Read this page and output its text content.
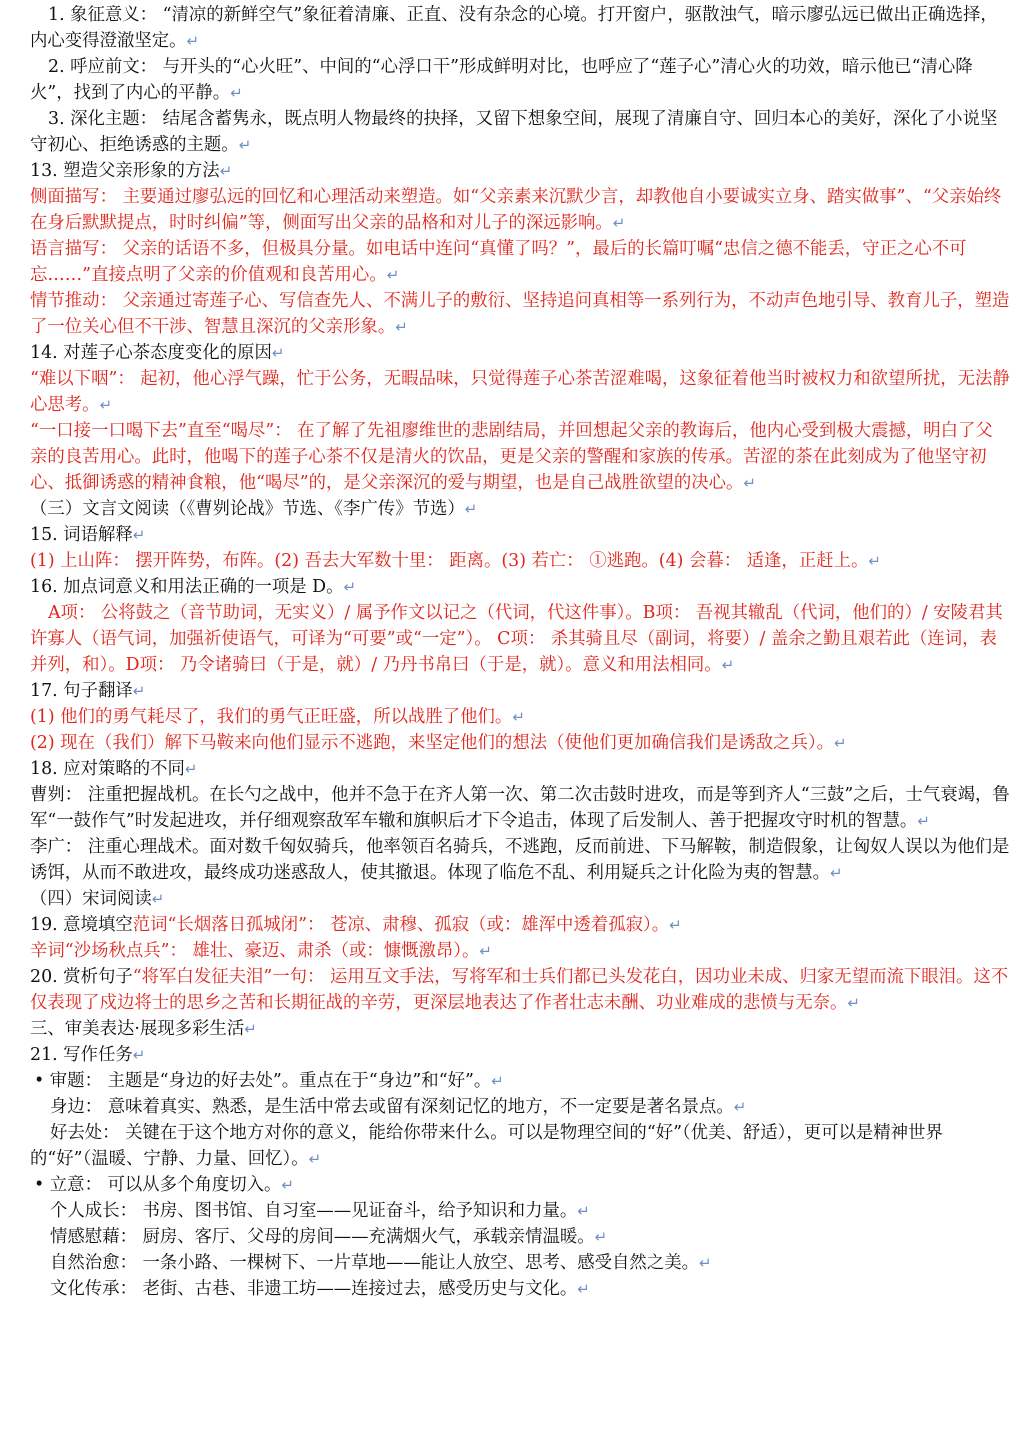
1. 象征意义： “清凉的新鲜空气”象征着清廉、正直、没有杂念的心境。打开窗户，驱散浊气，暗示廖弘远已做出正确选择，内心变得澄澈坚定。↵

2. 呼应前文： 与开头的“心火旺”、中间的“心浮口干”形成鲜明对比，也呼应了“莲子心”清心火的功效，暗示他已“清心降火”，找到了内心的平静。↵

3. 深化主题： 结尾含蓄隽永，既点明人物最终的抉择，又留下想象空间，展现了清廉自守、回归本心的美好，深化了小说坚守初心、拒绝诱惑的主题。↵

13. 塑造父亲形象的方法↵

侧面描写： 主要通过廖弘远的回忆和心理活动来塑造。如“父亲素来沉默少言，却教他自小要诚实立身、踏实做事”、“父亲始终在身后默默提点，时时纠偏”等，侧面写出父亲的品格和对儿子的深远影响。↵

语言描写： 父亲的话语不多，但极具分量。如电话中连问“真懂了吗？”，最后的长篇叮嘱“忠信之德不能丢，守正之心不可忘……”直接点明了父亲的价值观和良苦用心。↵

情节推动： 父亲通过寄莲子心、写信查先人、不满儿子的敷衍、坚持追问真相等一系列行为，不动声色地引导、教育儿子，塑造了一位关心但不干涉、智慧且深沉的父亲形象。↵

14. 对莲子心茶态度变化的原因↵

“难以下咽”： 起初，他心浮气躁，忙于公务，无暇品味，只觉得莲子心茶苦涩难喝，这象征着他当时被权力和欲望所扰，无法静心思考。↵

“一口接一口喝下去”直至“喝尽”： 在了解了先祖廖维世的悲剧结局，并回想起父亲的教诲后，他内心受到极大震撼，明白了父亲的良苦用心。此时，他喝下的莲子心茶不仅是清火的饮品，更是父亲的警醒和家族的传承。苦涩的茶在此刻成为了他坚守初心、抵御诱惑的精神食粮，他“喝尽”的，是父亲深沉的爱与期望，也是自己战胜欲望的决心。↵

（三）文言文阅读（《曹刿论战》节选、《李广传》节选）↵

15. 词语解释↵

(1) 上山阵： 摆开阵势，布阵。(2) 吾去大军数十里： 距离。(3) 若亡： ①逃跑。(4) 会暮： 适逢，正赶上。↵

16. 加点词意义和用法正确的一项是 D。↵

A项： 公将鼓之（音节助词，无实义）/ 属予作文以记之（代词，代这件事）。B项： 吾视其辙乱（代词，他们的）/ 安陵君其许寡人（语气词，加强祈使语气，可译为“可要”或“一定”）。 C项： 杀其骑且尽（副词，将要）/ 盖余之勤且艰若此（连词，表并列，和）。D项： 乃令诸骑曰（于是，就）/ 乃丹书帛曰（于是，就）。意义和用法相同。↵

17. 句子翻译↵

(1) 他们的勇气耗尽了，我们的勇气正旺盛，所以战胜了他们。↵

(2) 现在（我们）解下马鞍来向他们显示不逃跑，来坚定他们的想法（使他们更加确信我们是诱敌之兵）。↵

18. 应对策略的不同↵

曹刿： 注重把握战机。在长勺之战中，他并不急于在齐人第一次、第二次击鼓时进攻，而是等到齐人“三鼓”之后，士气衰竭，鲁军“一鼓作气”时发起进攻，并仔细观察敌军车辙和旗帜后才下令追击，体现了后发制人、善于把握攻守时机的智慧。↵

李广： 注重心理战术。面对数千匈奴骑兵，他率领百名骑兵，不逃跑，反而前进、下马解鞍，制造假象，让匈奴人误以为他们是诱饵，从而不敢进攻，最终成功迷惑敌人，使其撤退。体现了临危不乱、利用疑兵之计化险为夷的智慧。↵

（四）宋词阅读↵

19. 意境填空范词“长烟落日孤城闭”： 苍凉、肃穆、孤寂（或：雄浑中透着孤寂）。↵

辛词“沙场秋点兵”： 雄壮、豪迈、肃杀（或：慷慨激昂）。↵

20. 赏析句子“将军白发征夫泪”一句： 运用互文手法，写将军和士兵们都已头发花白，因功业未成、归家无望而流下眼泪。这不仅表现了戍边将士的思乡之苦和长期征战的辛劳，更深层地表达了作者壮志未酬、功业难成的悲愤与无奈。↵

三、审美表达·展现多彩生活↵

21. 写作任务↵

• 审题： 主题是“身边的好去处”。重点在于“身边”和“好”。↵

身边： 意味着真实、熟悉，是生活中常去或留有深刻记忆的地方，不一定要是著名景点。↵

好去处： 关键在于这个地方对你的意义，能给你带来什么。可以是物理空间的“好”（优美、舒适），更可以是精神世界的“好”（温暖、宁静、力量、回忆）。↵

• 立意： 可以从多个角度切入。↵

个人成长： 书房、图书馆、自习室——见证奋斗，给予知识和力量。↵

情感慰藉： 厨房、客厅、父母的房间——充满烟火气，承载亲情温暖。↵

自然治愈： 一条小路、一棵树下、一片草地——能让人放空、思考、感受自然之美。↵

文化传承： 老街、古巷、非遗工坊——连接过去，感受历史与文化。↵
